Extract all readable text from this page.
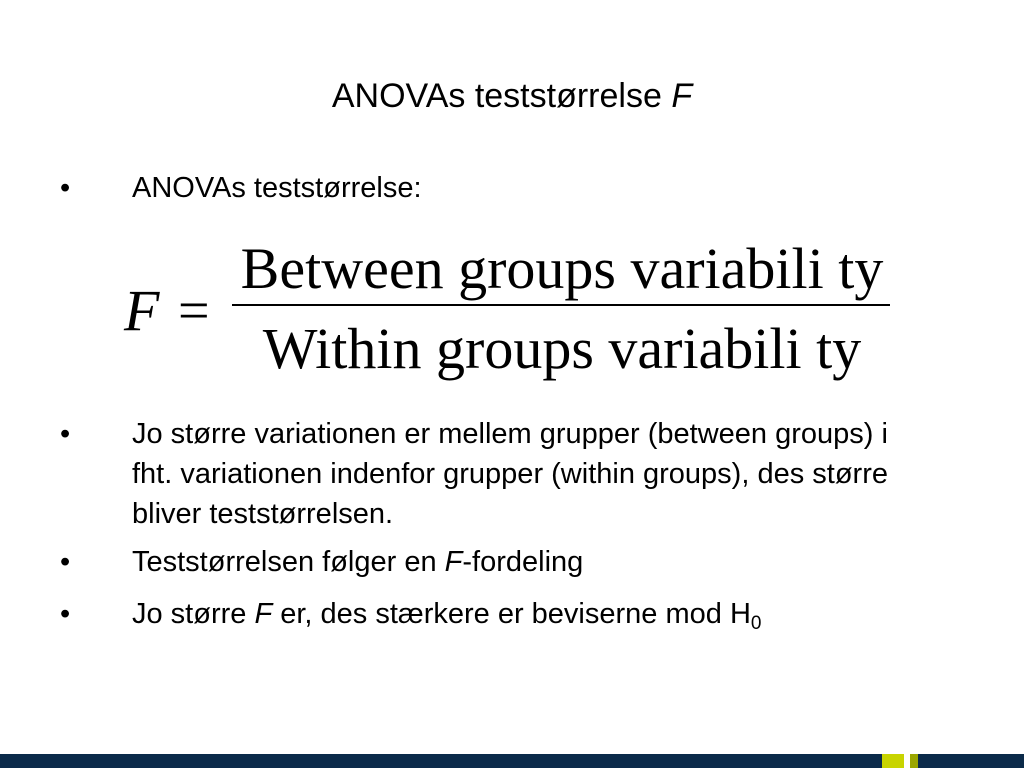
ANOVAs teststørrelse F
•	ANOVAs teststørrelse:
F =
Between groups variabili ty
Within groups variabili ty
•	Jo større variationen er mellem grupper (between groups) i fht. variationen indenfor grupper (within groups), des større bliver teststørrelsen.
•	Teststørrelsen følger en F-fordeling
•	Jo større F er, des stærkere er beviserne mod $H_0$
